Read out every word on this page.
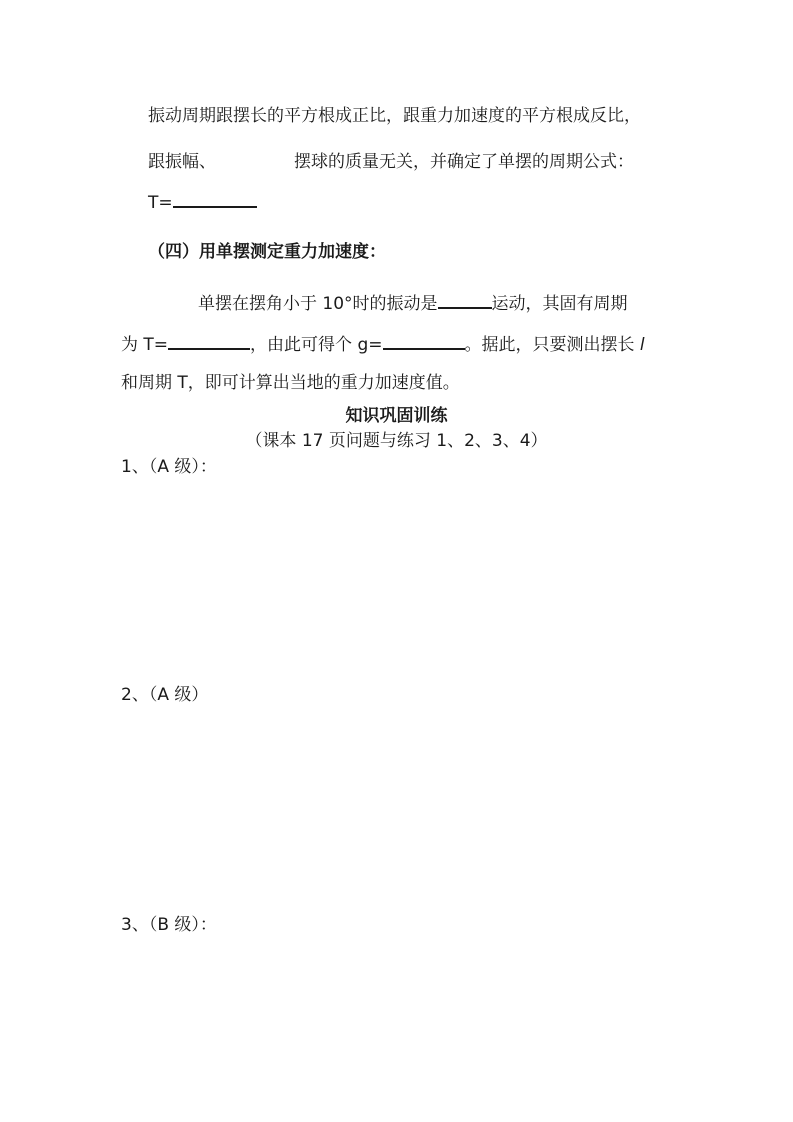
振动周期跟摆长的平方根成正比，跟重力加速度的平方根成反比，
跟振幅、	摆球的质量无关，并确定了单摆的周期公式：
T=
（四）用单摆测定重力加速度：
单摆在摆角小于 10°时的振动是	运动，其固有周期
为 T=	，由此可得个 g=	。据此，只要测出摆长 l
和周期 T，即可计算出当地的重力加速度值。
知识巩固训练
（课本 17 页问题与练习 1、2、3、4）
1、（A 级）：
2、（A 级）
3、（B 级）：
